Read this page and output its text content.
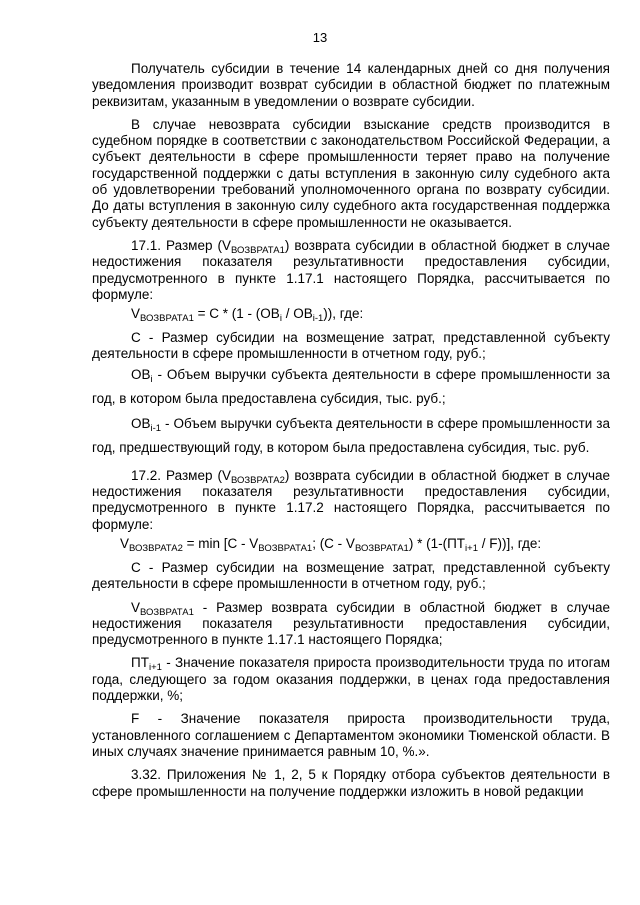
13

Получатель субсидии в течение 14 календарных дней со дня получения уведомления производит возврат субсидии в областной бюджет по платежным реквизитам, указанным в уведомлении о возврате субсидии.

В случае невозврата субсидии взыскание средств производится в судебном порядке в соответствии с законодательством Российской Федерации, а субъект деятельности в сфере промышленности теряет право на получение государственной поддержки с даты вступления в законную силу судебного акта об удовлетворении требований уполномоченного органа по возврату субсидии. До даты вступления в законную силу судебного акта государственная поддержка субъекту деятельности в сфере промышленности не оказывается.

17.1. Размер $(V_{ВОЗВРАТА1})$ возврата субсидии в областной бюджет в случае недостижения показателя результативности предоставления субсидии, предусмотренного в пункте 1.17.1 настоящего Порядка, рассчитывается по формуле:

$V_{ВОЗВРАТА1} = C * (1 - (OB_i / OB_{i-1}))$, где:

C - Размер субсидии на возмещение затрат, представленной субъекту деятельности в сфере промышленности в отчетном году, руб.;

$OB_i$ - Объем выручки субъекта деятельности в сфере промышленности за год, в котором была предоставлена субсидия, тыс. руб.;

$OB_{i-1}$ - Объем выручки субъекта деятельности в сфере промышленности за год, предшествующий году, в котором была предоставлена субсидия, тыс. руб.

17.2. Размер $(V_{ВОЗВРАТА2})$ возврата субсидии в областной бюджет в случае недостижения показателя результативности предоставления субсидии, предусмотренного в пункте 1.17.2 настоящего Порядка, рассчитывается по формуле:

$V_{ВОЗВРАТА2} = \min [C - V_{ВОЗВРАТА1}$; $(C - V_{ВОЗВРАТА1}) * (1-(ПТ_{i+1} / F))$], где:

C - Размер субсидии на возмещение затрат, представленной субъекту деятельности в сфере промышленности в отчетном году, руб.;

$V_{ВОЗВРАТА1}$ - Размер возврата субсидии в областной бюджет в случае недостижения показателя результативности предоставления субсидии, предусмотренного в пункте 1.17.1 настоящего Порядка;

$ПТ_{i+1}$ - Значение показателя прироста производительности труда по итогам года, следующего за годом оказания поддержки, в ценах года предоставления поддержки, %;

F - Значение показателя прироста производительности труда, установленного соглашением с Департаментом экономики Тюменской области. В иных случаях значение принимается равным 10, %.».

3.32. Приложения № 1, 2, 5 к Порядку отбора субъектов деятельности в сфере промышленности на получение поддержки изложить в новой редакции
